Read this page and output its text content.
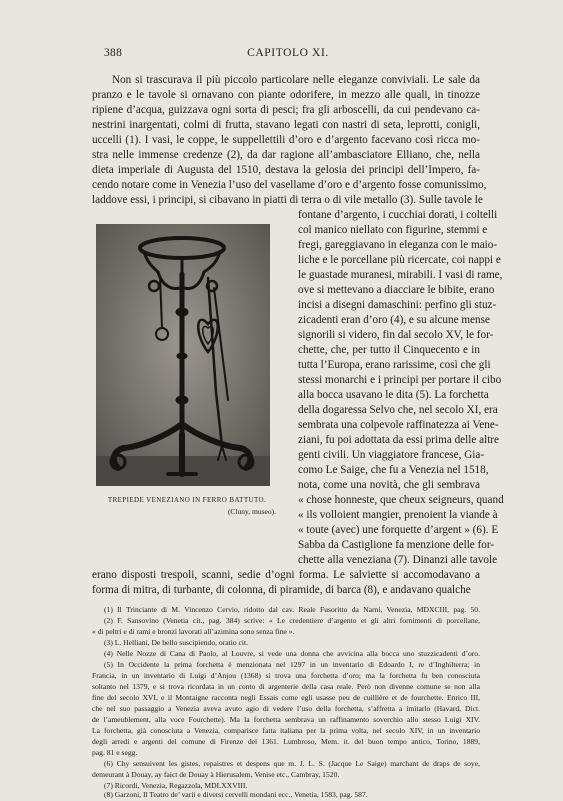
388	CAPITOLO XI.
Non si trascurava il più piccolo particolare nelle eleganze conviviali. Le sale da
pranzo e le tavole si ornavano con piante odorifere, in mezzo alle quali, in tinozze
ripiene d’acqua, guizzava ogni sorta di pesci; fra gli arboscelli, da cui pendevano ca-
nestrini inargentati, colmi di frutta, stavano legati con nastri di seta, leprotti, conigli,
uccelli (1). I vasi, le coppe, le suppellettili d’oro e d’argento facevano così ricca mo-
stra nelle immense credenze (2), da dar ragione all’ambasciatore Elliano, che, nella
dieta imperiale di Augusta del 1510, destava la gelosia dei principi dell’Impero, fa-
cendo notare come in Venezia l’uso del vasellame d’oro e d’argento fosse comunissimo,
laddove essi, i principi, si cibavano in piatti di terra o di vile metallo (3). Sulle tavole le
TREPIEDE VENEZIANO IN FERRO BATTUTO.
(Cluny, museo).
fontane d’argento, i cucchiai dorati, i coltelli
col manico niellato con figurine, stemmi e
fregi, gareggiavano in eleganza con le maio-
liche e le porcellane più ricercate, coi nappi e
le guastade muranesi, mirabili. I vasi di rame,
ove si mettevano a diacciare le bibite, erano
incisi a disegni damaschini: perfino gli stuz-
zicadenti eran d’oro (4), e su alcune mense
signorili si videro, fin dal secolo XV, le for-
chette, che, per tutto il Cinquecento e in
tutta l’Europa, erano rarissime, così che gli
stessi monarchi e i principi per portare il cibo
alla bocca usavano le dita (5). La forchetta
della dogaressa Selvo che, nel secolo XI, era
sembrata una colpevole raffinatezza ai Vene-
ziani, fu poi adottata da essi prima delle altre
genti civili. Un viaggiatore francese, Gia-
como Le Saige, che fu a Venezia nel 1518,
nota, come una novità, che gli sembrava
« chose honneste, que cheux seigneurs, quand
« ils volloient mangier, prenoient la viande à
« toute (avec) une forquette d’argent » (6). E
Sabba da Castiglione fa menzione delle for-
chette alla veneziana (7). Dinanzi alle tavole
erano disposti trespoli, scanni, sedie d’ogni forma. Le salviette si accomodavano a
forma di mitra, di turbante, di colonna, di piramide, di barca (8), e andavano qualche
(1) Il Trinciante di M. Vincenzo Cervio, ridotto dal cav. Reale Fusoritto da Narni, Venezia, MDXCIII, pag. 50.
(2) F. Sansovino (Venetia cit., pag. 384) scrive: « Le credentiere d’argento et gli altri fornimenti di porcellane,
« di peltri e di rami e bronzi lavorati all’azimina sono senza fine ».
(3) L. Helliani, De bello suscipiendo, oratio cit.
(4) Nelle Nozze di Cana di Paolo, al Louvre, si vede una donna che avvicina alla bocca uno stuzzicadenti d’oro.
(5) In Occidente la prima forchetta è menzionata nel 1297 in un inventario di Edoardo I, re d’Inghilterra; in
Francia, in un inventario di Luigi d’Anjou (1368) si trova una forchetta d’oro; ma la forchetta fu ben conosciuta
soltanto nel 1379, e si trova ricordata in un conto di argenterie della casa reale. Però non divenne comune se non alla
fine del secolo XVI, e il Montaigne racconta negli Essais come egli usasse peu de cuillière et de fourchette. Enrico III,
che nel suo passaggio a Venezia aveva avuto agio di vedere l’uso della forchetta, s’affretta a imitarlo (Havard, Dict.
de l’ameublement, alla voce Fourchette). Ma la forchetta sembrava un raffinamento soverchio allo stesso Luigi XIV.
La forchetta, già conosciuta a Venezia, comparisce fatta italiana per la prima volta, nel secolo XIV, in un inventario
degli arredi e argenti del comune di Firenze del 1361. Lumbroso, Mem. it. del buon tempo antico, Torino, 1889,
pag. 81 e segg.
(6) Chy sensuivent les gistes, repaistres et despens que m. J. L. S. (Jacque Le Saige) marchant de draps de soye,
demeurant à Douay, ay faict de Douay à Hierusalem, Venise etc., Cambray, 1520.
(7) Ricordi, Venezia, Regazzola, MDLXXVIII.
(8) Garzoni, Il Teatro de’ varii e diversi cervelli mondani ecc., Venetia, 1583, pag. 587.
